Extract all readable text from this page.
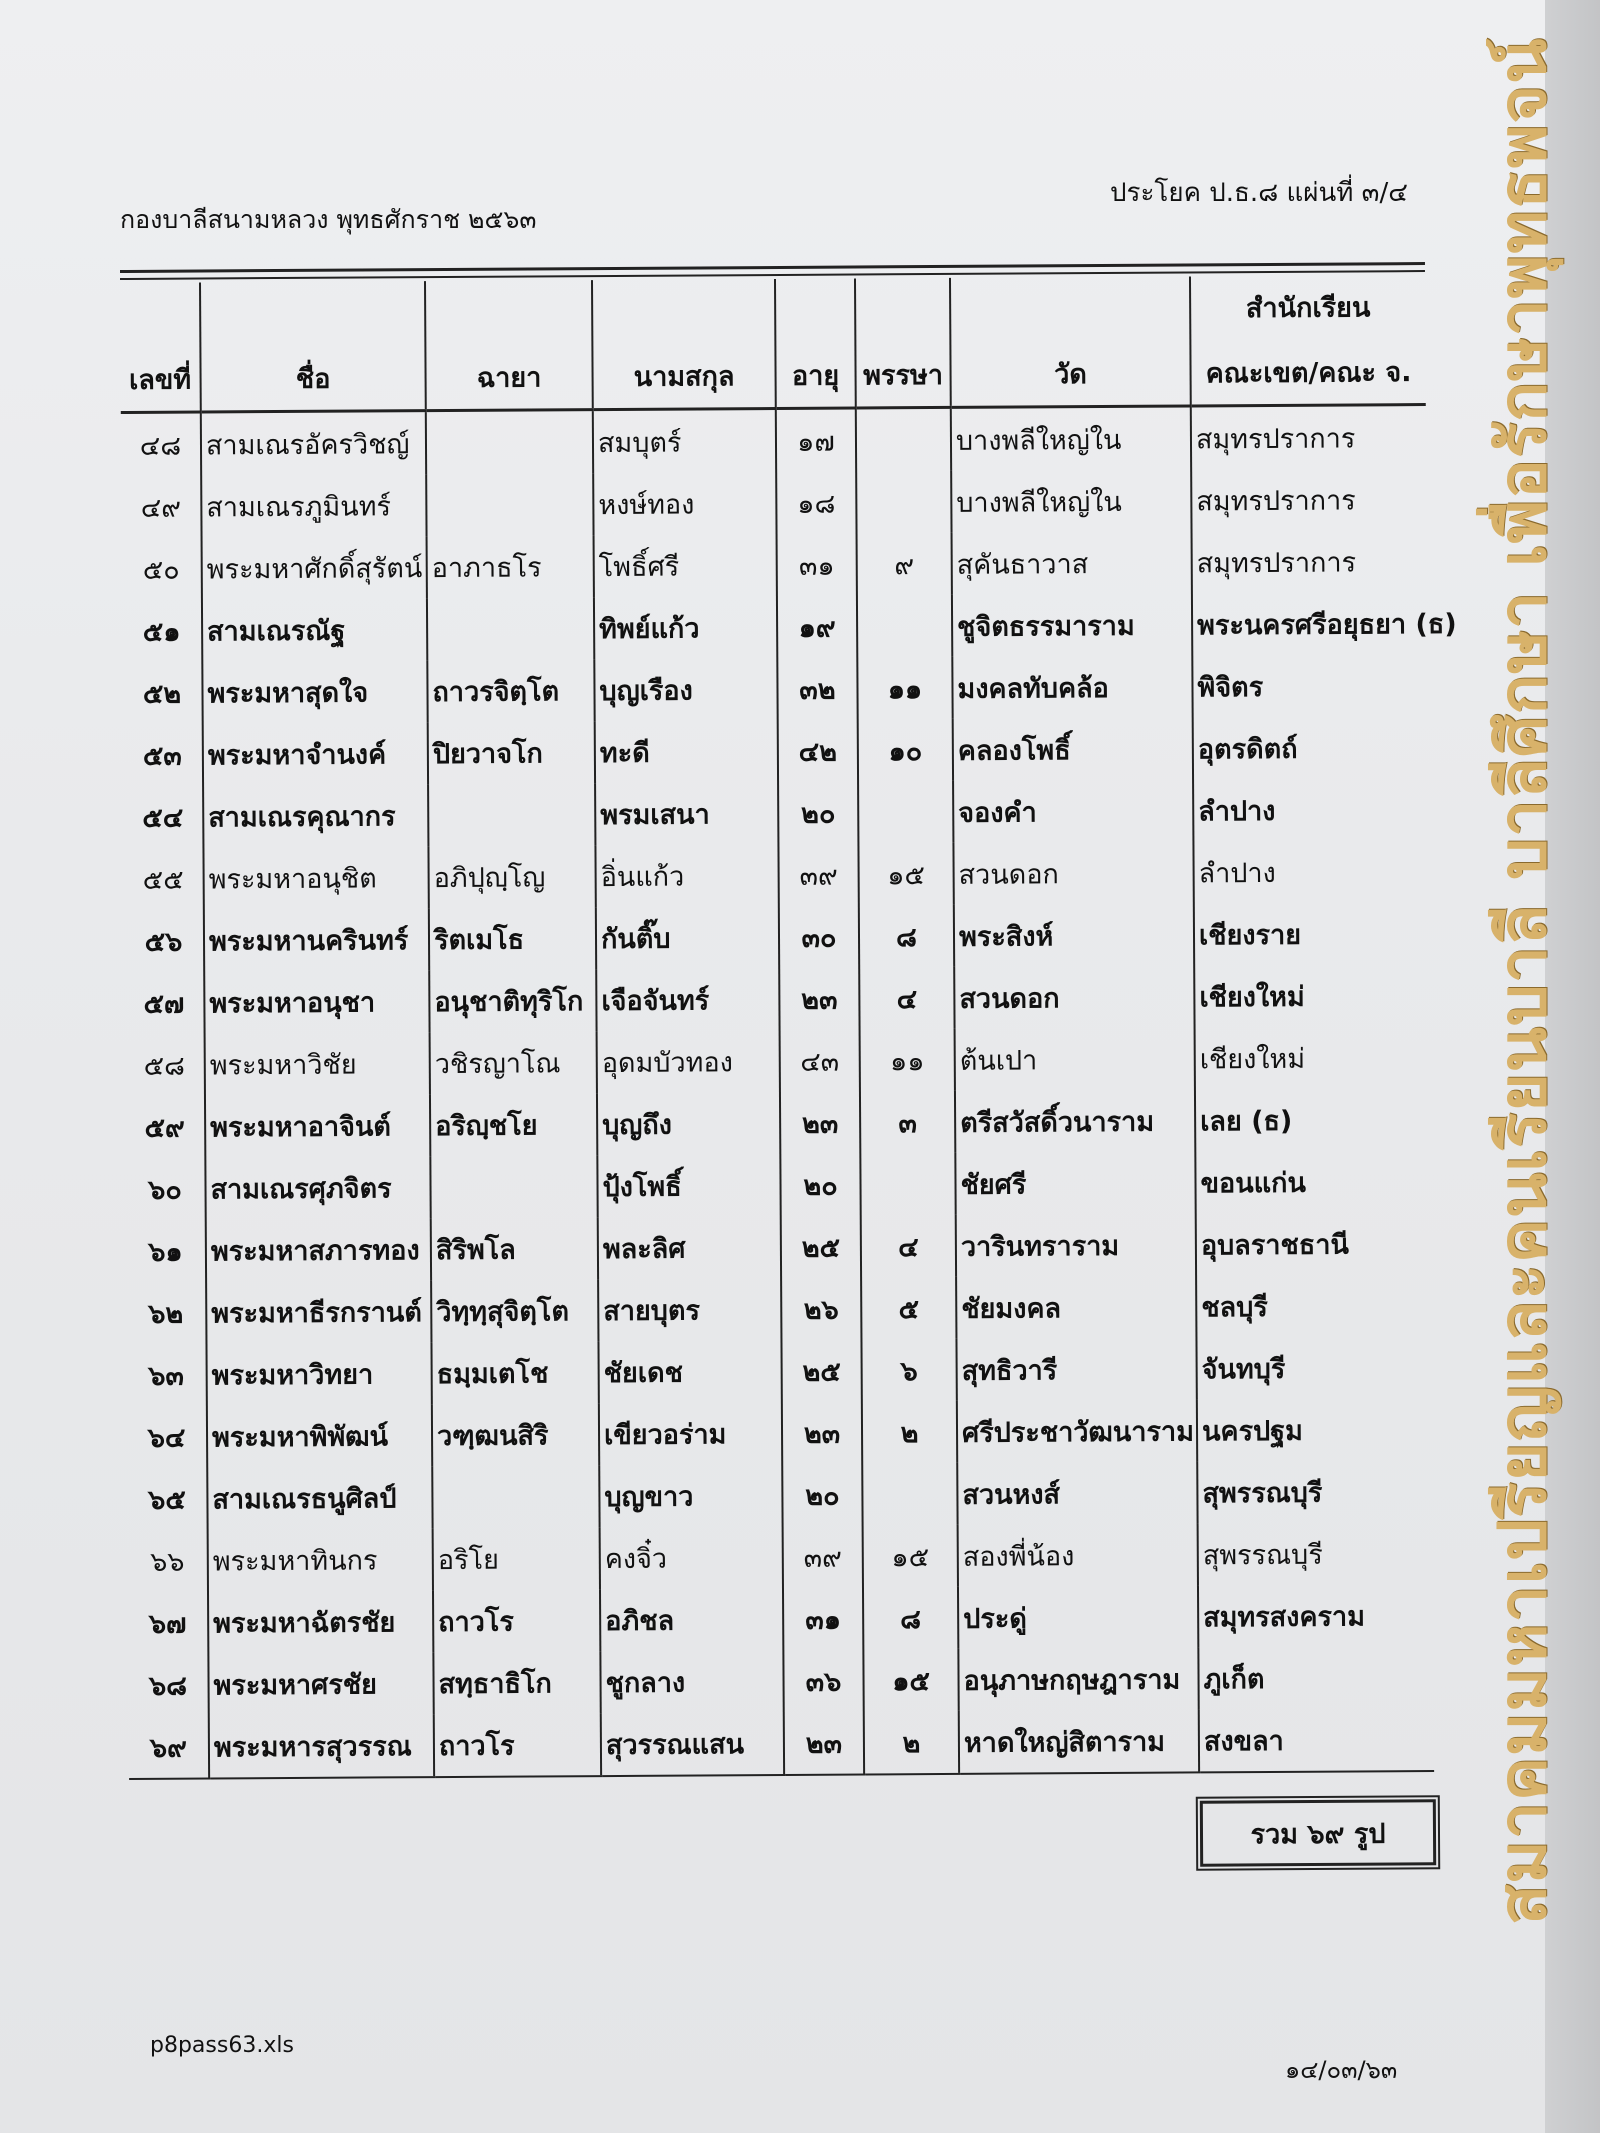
กองบาลีสนามหลวง พุทธศักราช ๒๕๖๓
ประโยค ป.ธ.๘ แผ่นที่ ๓/๔
เลขที่	ชื่อ	ฉายา	นามสกุล	อายุ	พรรษา	วัด	สำนักเรียน
คณะเขต/คณะ จ.

๔๘	สามเณรอัครวิชญ์		สมบุตร์	๑๗		บางพลีใหญ่ใน	สมุทรปราการ
๔๙	สามเณรภูมินทร์		หงษ์ทอง	๑๘		บางพลีใหญ่ใน	สมุทรปราการ
๕๐	พระมหาศักดิ์สุรัตน์	อาภาธโร	โพธิ์ศรี	๓๑	๙	สุคันธาวาส	สมุทรปราการ
๕๑	สามเณรณัฐ		ทิพย์แก้ว	๑๙		ชูจิตธรรมาราม	พระนครศรีอยุธยา (ธ)
๕๒	พระมหาสุดใจ	ถาวรจิตฺโต	บุญเรือง	๓๒	๑๑	มงคลทับคล้อ	พิจิตร
๕๓	พระมหาจำนงค์	ปิยวาจโก	ทะดี	๔๒	๑๐	คลองโพธิ์	อุตรดิตถ์
๕๔	สามเณรคุณากร		พรมเสนา	๒๐		จองคำ	ลำปาง
๕๕	พระมหาอนุชิต	อภิปุญฺโญ	อิ่นแก้ว	๓๙	๑๕	สวนดอก	ลำปาง
๕๖	พระมหานครินทร์	ริตเมโธ	กันติ๊บ	๓๐	๘	พระสิงห์	เชียงราย
๕๗	พระมหาอนุชา	อนุชาติทุริโก	เจือจันทร์	๒๓	๔	สวนดอก	เชียงใหม่
๕๘	พระมหาวิชัย	วชิรญาโณ	อุดมบัวทอง	๔๓	๑๑	ต้นเปา	เชียงใหม่
๕๙	พระมหาอาจินต์	อริญฺชโย	บุญถึง	๒๓	๓	ตรีสวัสดิ์วนาราม	เลย (ธ)
๖๐	สามเณรศุภจิตร		ปุ้งโพธิ์	๒๐		ชัยศรี	ขอนแก่น
๖๑	พระมหาสภารทอง	สิริพโล	พละลิศ	๒๕	๔	วารินทราราม	อุบลราชธานี
๖๒	พระมหาธีรกรานต์	วิทฺทฺสุจิตฺโต	สายบุตร	๒๖	๕	ชัยมงคล	ชลบุรี
๖๓	พระมหาวิทยา	ธมฺมเตโช	ชัยเดช	๒๕	๖	สุทธิวารี	จันทบุรี
๖๔	พระมหาพิพัฒน์	วฑฺฒนสิริ	เขียวอร่าม	๒๓	๒	ศรีประชาวัฒนาราม	นครปฐม
๖๕	สามเณรธนูศิลป์		บุญขาว	๒๐		สวนหงส์	สุพรรณบุรี
๖๖	พระมหาทินกร	อริโย	คงจิ๋ว	๓๙	๑๕	สองพี่น้อง	สุพรรณบุรี
๖๗	พระมหาฉัตรชัย	ถาวโร	อภิชล	๓๑	๘	ประดู่	สมุทรสงคราม
๖๘	พระมหาศรชัย	สทฺธาธิโก	ชูกลาง	๓๖	๑๕	อนุภาษกฤษฎาราม	ภูเก็ต
๖๙	พระมหารสุวรรณ	ถาวโร	สุวรรณแสน	๒๓	๒	หาดใหญ่สิตาราม	สงขลา
รวม ๖๙ รูป
p8pass63.xls
๑๔/๐๓/๖๓
สมาคมมหาเปรียญและคนเรียนบาลี บาลีศึกษา เพื่อรักษาพุทธพจน์
